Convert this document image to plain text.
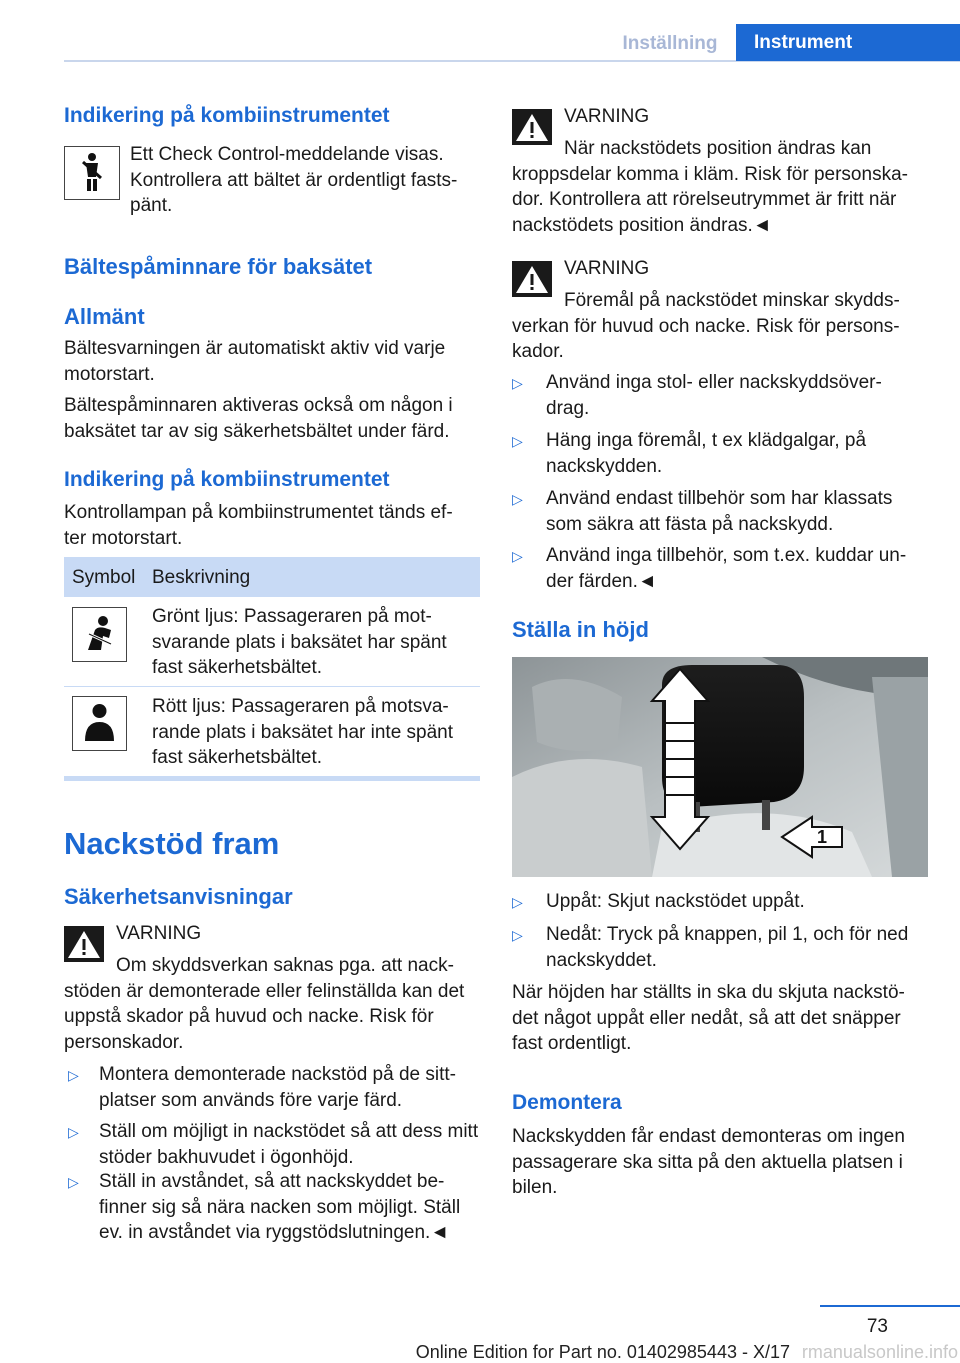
Inställning	Instrument
Indikering på kombiinstrumentet
Ett Check Control-meddelande visas. Kontrollera att bältet är ordentligt fasts‐ pänt.
Bältespåminnare för baksätet
Allmänt
Bältesvarningen är automatiskt aktiv vid varje motorstart.
Bältespåminnaren aktiveras också om någon i baksätet tar av sig säkerhetsbältet under färd.
Indikering på kombiinstrumentet
Kontrollampan på kombiinstrumentet tänds ef‐ ter motorstart.
Symbol Beskrivning
Grönt ljus: Passageraren på mot‐ svarande plats i baksätet har spänt fast säkerhetsbältet.
Rött ljus: Passageraren på motsva‐ rande plats i baksätet har inte spänt fast säkerhetsbältet.
Nackstöd fram
Säkerhetsanvisningar
VARNING
Om skyddsverkan saknas pga. att nack‐ stöden är demonterade eller felinställda kan det uppstå skador på huvud och nacke. Risk för personskador.
▷ Montera demonterade nackstöd på de sitt‐ platser som används före varje färd.
▷ Ställ om möjligt in nackstödet så att dess mitt stöder bakhuvudet i ögonhöjd.
▷ Ställ in avståndet, så att nackskyddet be‐ finner sig så nära nacken som möjligt. Ställ ev. in avståndet via ryggstödslutningen.◄
VARNING
När nackstödets position ändras kan kroppsdelar komma i kläm. Risk för personska‐ dor. Kontrollera att rörelseutrymmet är fritt när nackstödets position ändras.◄
VARNING
Föremål på nackstödet minskar skydds‐ verkan för huvud och nacke. Risk för persons‐ kador.
▷ Använd inga stol- eller nackskyddsöver‐ drag.
▷ Häng inga föremål, t ex klädgalgar, på nackskydden.
▷ Använd endast tillbehör som har klassats som säkra att fästa på nackskydd.
▷ Använd inga tillbehör, som t.ex. kuddar un‐ der färden.◄
Ställa in höjd
1
▷ Uppåt: Skjut nackstödet uppåt.
▷ Nedåt: Tryck på knappen, pil 1, och för ned nackskyddet.
När höjden har ställts in ska du skjuta nackstö‐ det något uppåt eller nedåt, så att det snäpper fast ordentligt.
Demontera
Nackskydden får endast demonteras om ingen passagerare ska sitta på den aktuella platsen i bilen.
73
Online Edition for Part no. 01402985443 - X/17 rmanualsonline.info
